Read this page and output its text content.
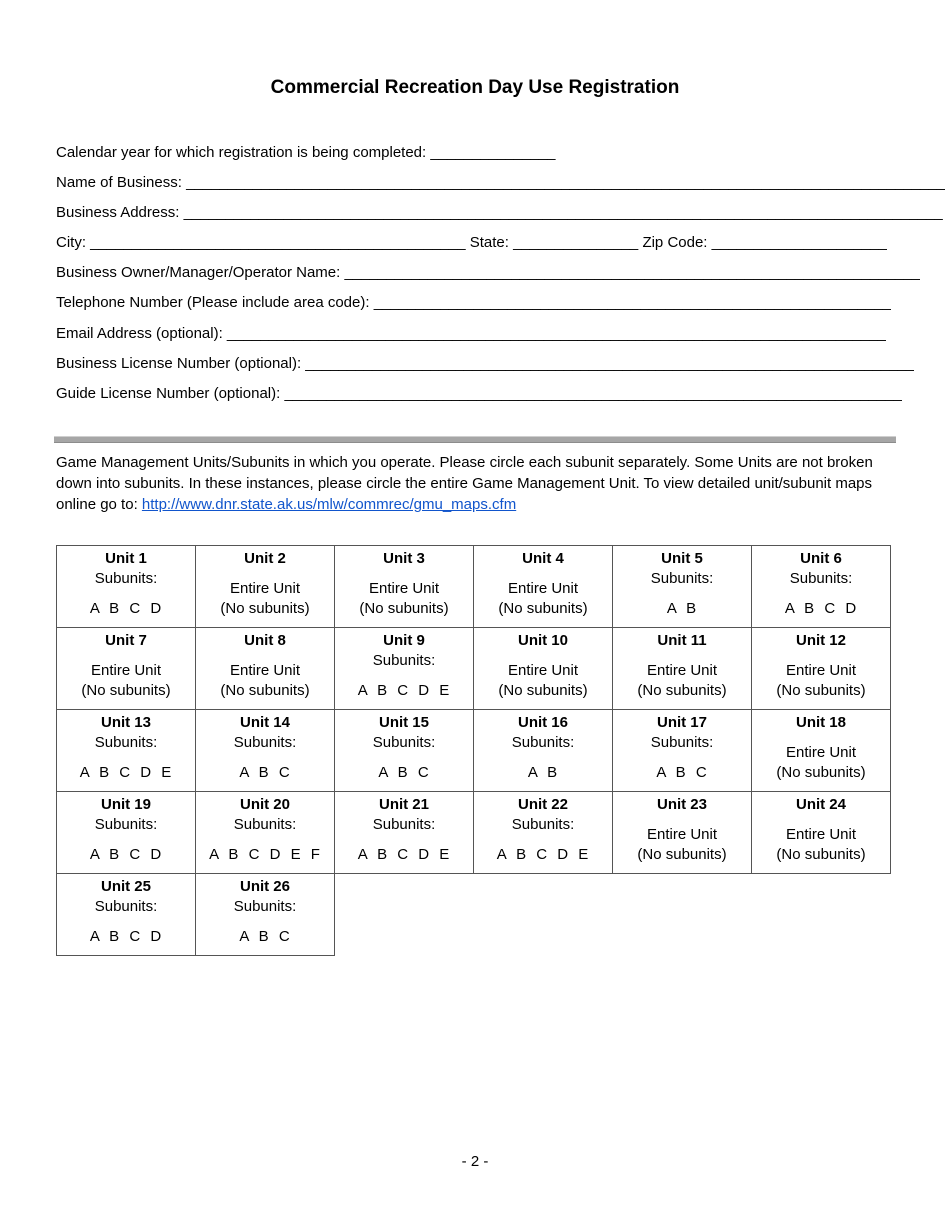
Commercial Recreation Day Use Registration
Calendar year for which registration is being completed: _______________
Name of Business: ___________________________________________________________________________________________
Business Address: ___________________________________________________________________________________________
City: _____________________________________________ State: _______________ Zip Code: _____________________
Business Owner/Manager/Operator Name: _____________________________________________________________________
Telephone Number (Please include area code): ______________________________________________________________
Email Address (optional): _______________________________________________________________________________
Business License Number (optional): _________________________________________________________________________
Guide License Number (optional): __________________________________________________________________________
Game Management Units/Subunits in which you operate. Please circle each subunit separately. Some Units are not broken down into subunits. In these instances, please circle the entire Game Management Unit. To view detailed unit/subunit maps online go to: http://www.dnr.state.ak.us/mlw/commrec/gmu_maps.cfm
Unit 1
Subunits:
A B C D	Unit 2
Entire Unit
(No subunits)	Unit 3
Entire Unit
(No subunits)	Unit 4
Entire Unit
(No subunits)	Unit 5
Subunits:
A B	Unit 6
Subunits:
A B C D

Unit 7
Entire Unit
(No subunits)	Unit 8
Entire Unit
(No subunits)	Unit 9
Subunits:
A B C D E	Unit 10
Entire Unit
(No subunits)	Unit 11
Entire Unit
(No subunits)	Unit 12
Entire Unit
(No subunits)

Unit 13
Subunits:
A B C D E	Unit 14
Subunits:
A B C	Unit 15
Subunits:
A B C	Unit 16
Subunits:
A B	Unit 17
Subunits:
A B C	Unit 18
Entire Unit
(No subunits)

Unit 19
Subunits:
A B C D	Unit 20
Subunits:
A B C D E F	Unit 21
Subunits:
A B C D E	Unit 22
Subunits:
A B C D E	Unit 23
Entire Unit
(No subunits)	Unit 24
Entire Unit
(No subunits)

Unit 25
Subunits:
A B C D	Unit 26
Subunits:
A B C				

- 2 -
